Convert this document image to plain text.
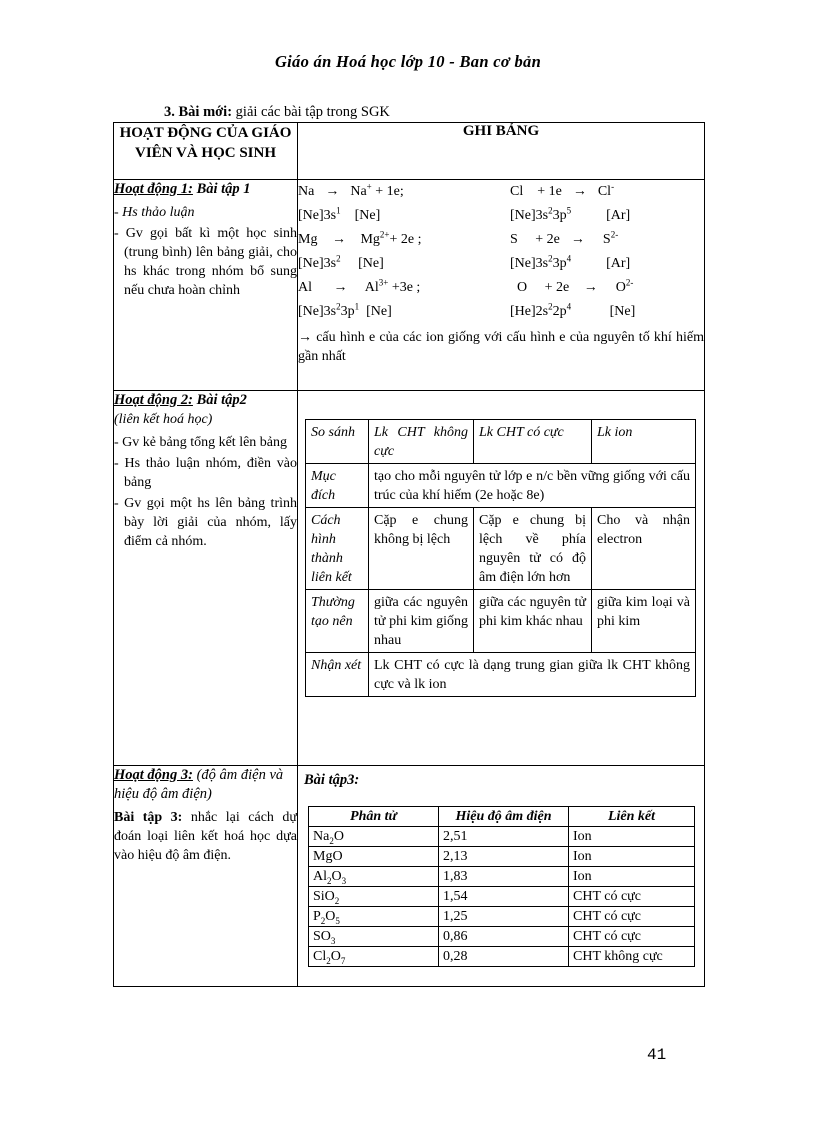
Giáo án Hoá học lớp 10 - Ban cơ bản
3. Bài mới: giải các bài tập trong SGK
HOẠT ĐỘNG CỦA GIÁO VIÊN VÀ HỌC SINH	GHI BẢNG

Hoạt động 1: Bài tập 1
- Hs thảo luận
- Gv gọi bất kì một học sinh (trung bình) lên bảng giải, cho hs khác trong nhóm bổ sung nếu chưa hoàn chỉnh

Na  →  Na+ + 1e;	Cl    + 1e  →  Cl-
$[Ne]3s^1$    [Ne]	$[Ne]3s^23p^5$          [Ar]
$Mg \to Mg^{2+}+ 2e$ ;	S     + 2e  →    $S^{2-}$
$[Ne]3s^2$     [Ne]	$[Ne]3s^23p^4$          [Ar]
Al     →    $Al^{3+} +3e$ ;	O     + 2e   →    $O^{2-}$
$[Ne]3s^23p^1$  [Ne]	$[He]2s^22p^4$           [Ne]
→ cấu hình e của các ion giống với cấu hình e của nguyên tố khí hiếm gần nhất

Hoạt động 2: Bài tập2
(liên kết hoá học)
- Gv kẻ bảng tổng kết lên bảng
- Hs thảo luận nhóm, điền vào bảng
- Gv gọi một hs lên bảng trình bày lời giải của nhóm, lấy điểm cả nhóm.

So sánh	Lk CHT không cực	Lk CHT có cực	Lk ion
Mục đích	tạo cho mỗi nguyên tử lớp e n/c bền vững giống với cấu trúc của khí hiếm (2e hoặc 8e)
Cách hình thành liên kết	Cặp e chung không bị lệch	Cặp e chung bị lệch về phía nguyên tử có độ âm điện lớn hơn	Cho và nhận electron
Thường tạo nên	giữa các nguyên tử phi kim giống nhau	giữa các nguyên tử phi kim khác nhau	giữa kim loại và phi kim
Nhận xét	Lk CHT có cực là dạng trung gian giữa lk CHT không cực và lk ion

Hoạt động 3: (độ âm điện và hiệu độ âm điện)
Bài tập 3: nhắc lại cách dự đoán loại liên kết hoá học dựa vào hiệu độ âm điện.

Bài tập3:
Phân tử	Hiệu độ âm điện	Liên kết
$Na_2O$	2,51	Ion
MgO	2,13	Ion
$Al_2O_3$	1,83	Ion
SiO$_2$	1,54	CHT có cực
$P_2O_5$	1,25	CHT có cực
$SO_3$	0,86	CHT có cực
$Cl_2O_7$	0,28	CHT không cực
41
